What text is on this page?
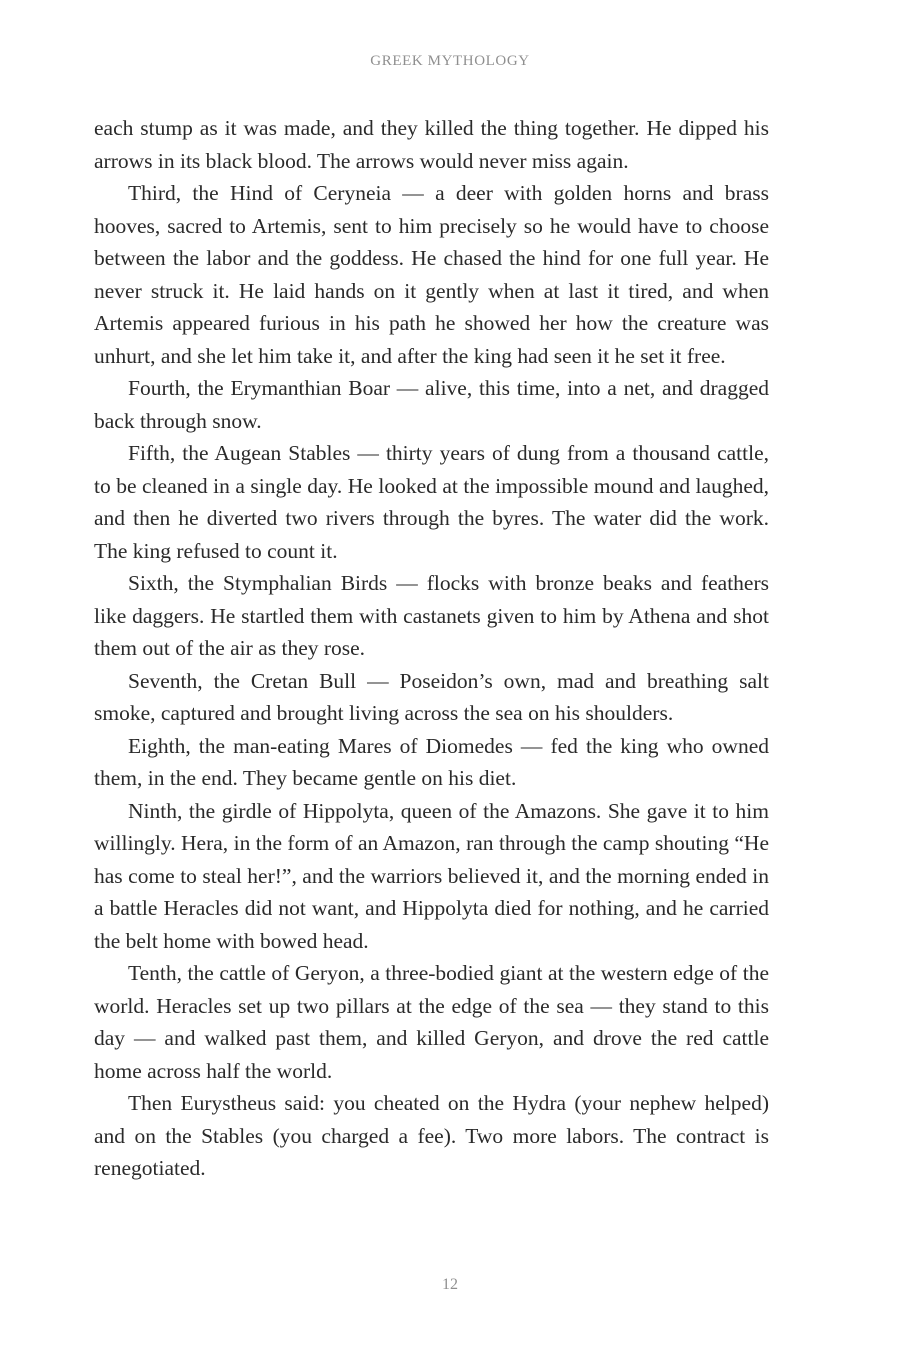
GREEK MYTHOLOGY

each stump as it was made, and they killed the thing together. He dipped his arrows in its black blood. The arrows would never miss again.

Third, the Hind of Ceryneia — a deer with golden horns and brass hooves, sacred to Artemis, sent to him precisely so he would have to choose between the labor and the goddess. He chased the hind for one full year. He never struck it. He laid hands on it gently when at last it tired, and when Artemis appeared furious in his path he showed her how the creature was unhurt, and she let him take it, and after the king had seen it he set it free.

Fourth, the Erymanthian Boar — alive, this time, into a net, and dragged back through snow.

Fifth, the Augean Stables — thirty years of dung from a thousand cattle, to be cleaned in a single day. He looked at the impossible mound and laughed, and then he diverted two rivers through the byres. The water did the work. The king refused to count it.

Sixth, the Stymphalian Birds — flocks with bronze beaks and feathers like daggers. He startled them with castanets given to him by Athena and shot them out of the air as they rose.

Seventh, the Cretan Bull — Poseidon’s own, mad and breathing salt smoke, captured and brought living across the sea on his shoulders.

Eighth, the man-eating Mares of Diomedes — fed the king who owned them, in the end. They became gentle on his diet.

Ninth, the girdle of Hippolyta, queen of the Amazons. She gave it to him willingly. Hera, in the form of an Amazon, ran through the camp shouting “He has come to steal her!”, and the warriors believed it, and the morning ended in a battle Heracles did not want, and Hippolyta died for nothing, and he carried the belt home with bowed head.

Tenth, the cattle of Geryon, a three-bodied giant at the western edge of the world. Heracles set up two pillars at the edge of the sea — they stand to this day — and walked past them, and killed Geryon, and drove the red cattle home across half the world.

Then Eurystheus said: you cheated on the Hydra (your nephew helped) and on the Stables (you charged a fee). Two more labors. The contract is renegotiated.

12
